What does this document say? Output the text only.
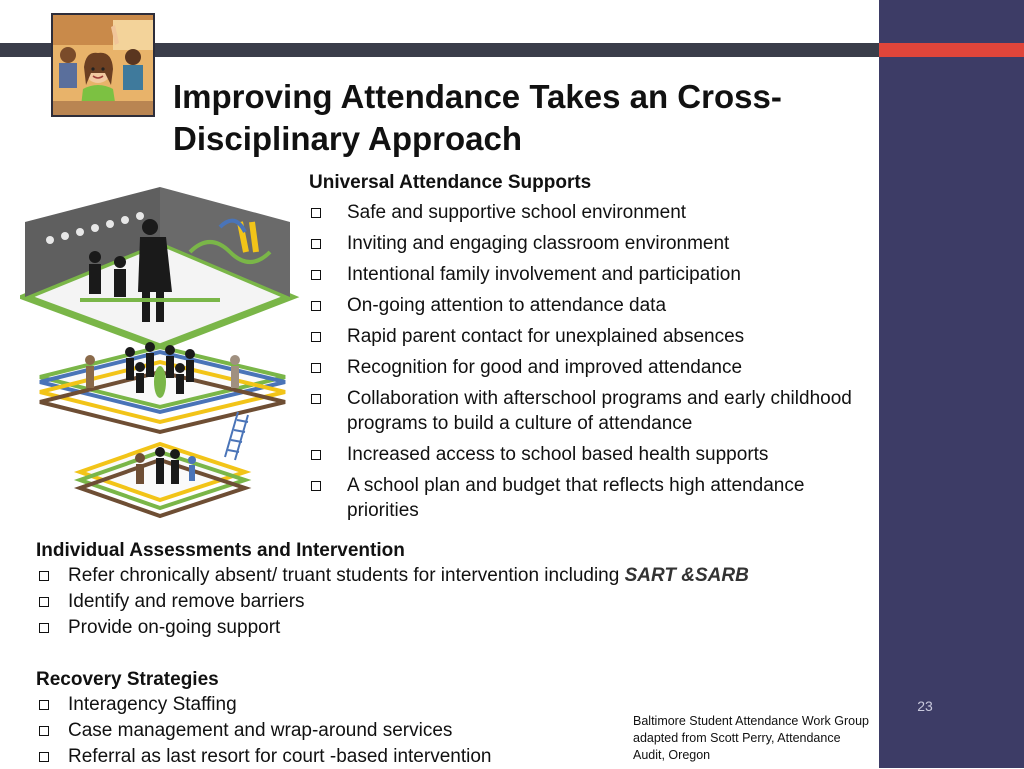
Improving Attendance Takes an Cross-Disciplinary Approach
Universal Attendance Supports
Safe and supportive school environment
Inviting and engaging classroom environment
Intentional family involvement and participation
On-going attention to attendance data
Rapid parent contact for unexplained absences
Recognition for good and improved attendance
Collaboration with afterschool programs and early childhood programs to build a culture of attendance
Increased access to school based health supports
A school plan and budget that reflects high attendance priorities
Individual Assessments and Intervention
Refer chronically absent/ truant students for intervention including SART &SARB
Identify and remove barriers
Provide on-going support
Recovery Strategies
Interagency Staffing
Case management and wrap-around services
Referral as last resort for court -based intervention
Baltimore Student Attendance Work Group adapted from Scott Perry, Attendance Audit, Oregon
23
